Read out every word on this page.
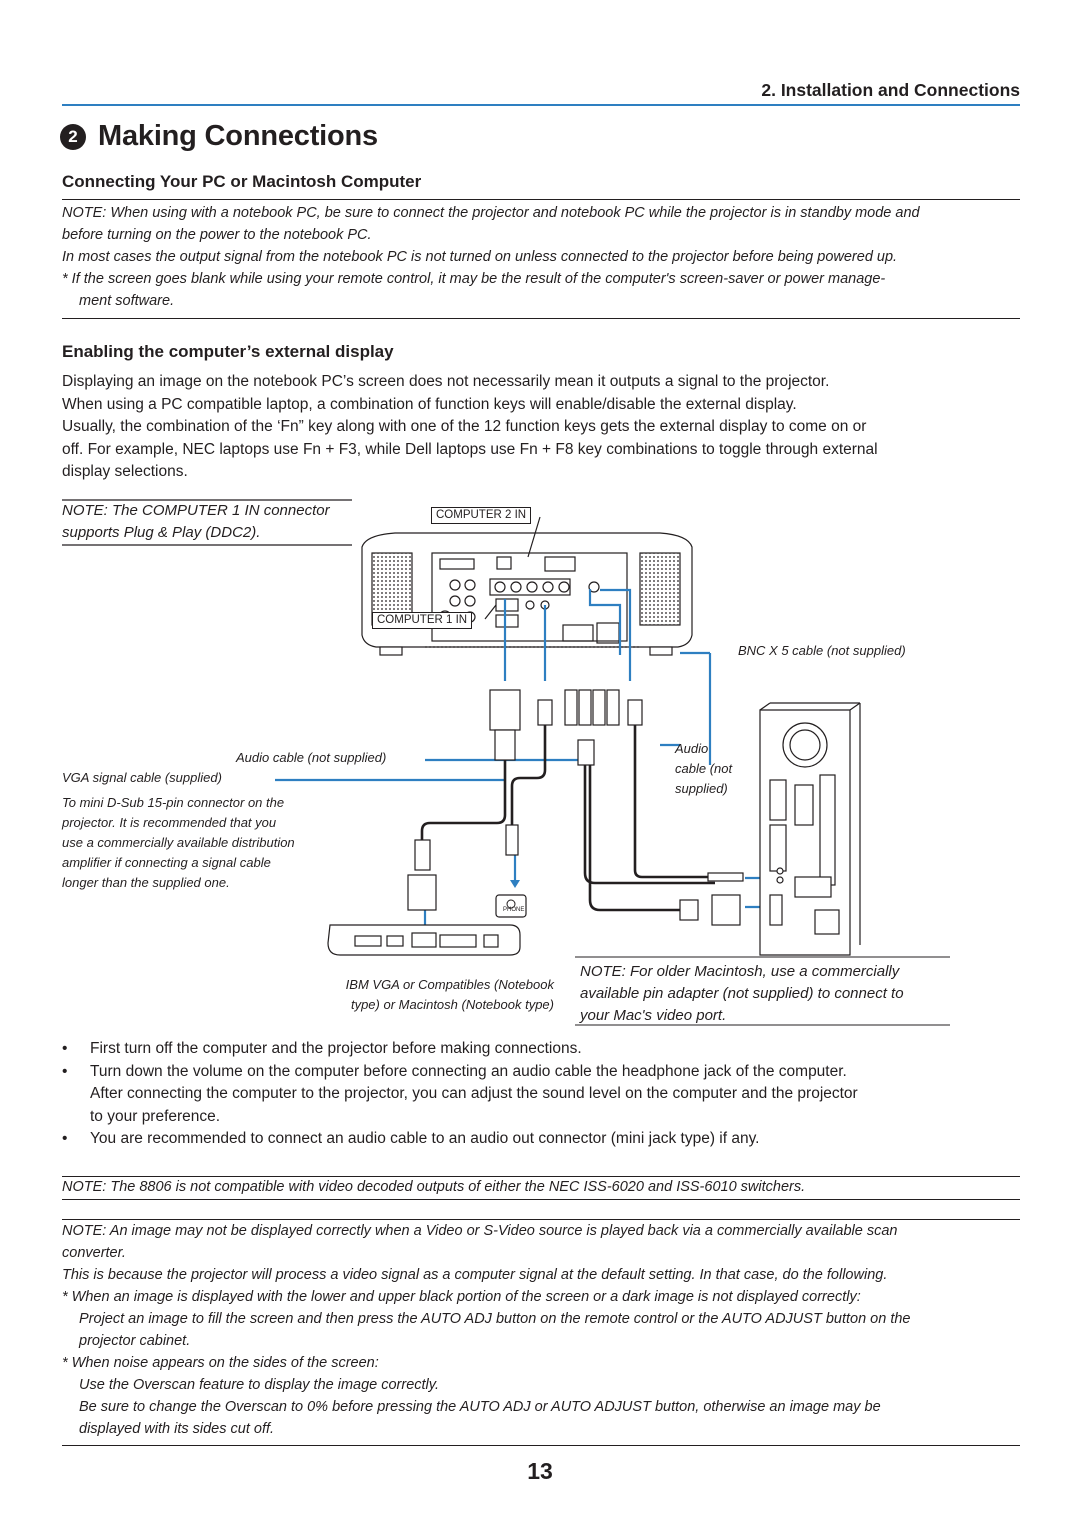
2. Installation and Connections
2 Making Connections
Connecting Your PC or Macintosh Computer

NOTE: When using with a notebook PC, be sure to connect the projector and notebook PC while the projector is in standby mode and

before turning on the power to the notebook PC.

In most cases the output signal from the notebook PC is not turned on unless connected to the projector before being powered up.

* If the screen goes blank while using your remote control, it may be the result of the computer's screen-saver or power manage-

ment software.

Enabling the computer’s external display
Displaying an image on the notebook PC’s screen does not necessarily mean it outputs a signal to the projector.
When using a PC compatible laptop, a combination of function keys will enable/disable the external display.
Usually, the combination of the ‘Fn” key along with one of the 12 function keys gets the external display to come on or
off. For example, NEC laptops use Fn + F3, while Dell laptops use Fn + F8 key combinations to toggle through external
display selections.
NOTE: The COMPUTER 1 IN connector
supports Plug & Play (DDC2).
COMPUTER 2 IN
COMPUTER 1 IN
BNC X 5 cable (not supplied)
Audio cable (not supplied)
VGA signal cable (supplied)
To mini D-Sub 15-pin connector on the
projector. It is recommended that you
use a commercially available distribution
amplifier if connecting a signal cable
longer than the supplied one.
Audio
cable (not
supplied)
PHONE
IBM VGA or Compatibles (Notebook
type) or Macintosh (Notebook type)
NOTE: For older Macintosh, use a commercially
available pin adapter (not supplied) to connect to
your Mac's video port.
• First turn off the computer and the projector before making connections.
• Turn down the volume on the computer before connecting an audio cable the headphone jack of the computer.
After connecting the computer to the projector, you can adjust the sound level on the computer and the projector
to your preference.
• You are recommended to connect an audio cable to an audio out connector (mini jack type) if any.
NOTE: The 8806 is not compatible with video decoded outputs of either the NEC ISS-6020 and ISS-6010 switchers.

NOTE: An image may not be displayed correctly when a Video or S-Video source is played back via a commercially available scan

converter.

This is because the projector will process a video signal as a computer signal at the default setting. In that case, do the following.

* When an image is displayed with the lower and upper black portion of the screen or a dark image is not displayed correctly:

Project an image to fill the screen and then press the AUTO ADJ button on the remote control or the AUTO ADJUST button on the

projector cabinet.

* When noise appears on the sides of the screen:

Use the Overscan feature to display the image correctly.

Be sure to change the Overscan to 0% before pressing the AUTO ADJ or AUTO ADJUST button, otherwise an image may be

displayed with its sides cut off.

13
